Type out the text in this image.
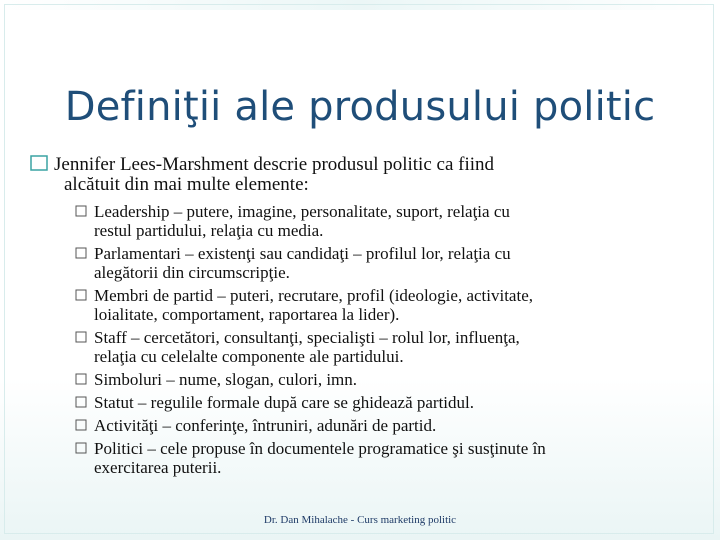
Definiţii ale produsului politic
Jennifer Lees-Marshment descrie produsul politic ca fiind
alcătuit din mai multe elemente:
Leadership – putere, imagine, personalitate, suport, relaţia cu
restul partidului, relaţia cu media.
Parlamentari – existenţi sau candidaţi – profilul lor, relaţia cu
alegătorii din circumscripţie.
Membri de partid – puteri, recrutare, profil (ideologie, activitate,
loialitate, comportament, raportarea la lider).
Staff – cercetători, consultanţi, specialişti – rolul lor, influenţa,
relaţia cu celelalte componente ale partidului.
Simboluri – nume, slogan, culori, imn.
Statut – regulile formale după care se ghidează partidul.
Activităţi – conferinţe, întruniri, adunări de partid.
Politici – cele propuse în documentele programatice şi susţinute în
exercitarea puterii.
Dr. Dan Mihalache - Curs marketing politic
